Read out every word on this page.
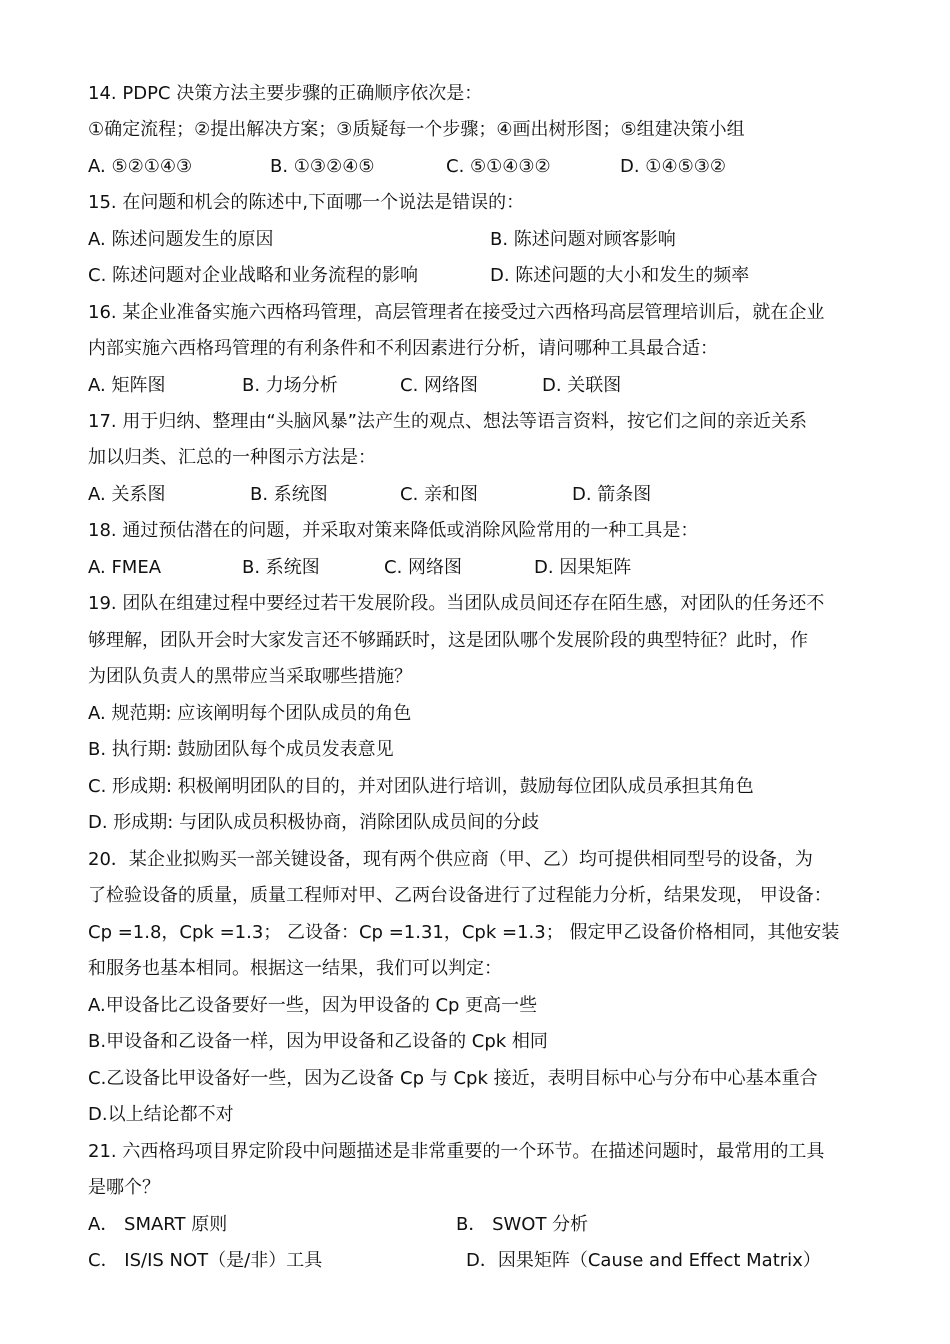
14. PDPC 决策方法主要步骤的正确顺序依次是：
①确定流程；②提出解决方案；③质疑每一个步骤；④画出树形图；⑤组建决策小组
A. ⑤②①④③	B. ①③②④⑤	C. ⑤①④③②	D. ①④⑤③②
15. 在问题和机会的陈述中,下面哪一个说法是错误的：
A. 陈述问题发生的原因	B. 陈述问题对顾客影响
C. 陈述问题对企业战略和业务流程的影响	D. 陈述问题的大小和发生的频率
16. 某企业准备实施六西格玛管理，高层管理者在接受过六西格玛高层管理培训后，就在企业
内部实施六西格玛管理的有利条件和不利因素进行分析，请问哪种工具最合适：
A. 矩阵图	B. 力场分析	C. 网络图	D. 关联图
17. 用于归纳、整理由“头脑风暴”法产生的观点、想法等语言资料，按它们之间的亲近关系
加以归类、汇总的一种图示方法是：
A. 关系图	B. 系统图	C. 亲和图	D. 箭条图
18. 通过预估潜在的问题，并采取对策来降低或消除风险常用的一种工具是：
A. FMEA	B. 系统图	C. 网络图	D. 因果矩阵
19. 团队在组建过程中要经过若干发展阶段。当团队成员间还存在陌生感，对团队的任务还不
够理解，团队开会时大家发言还不够踊跃时，这是团队哪个发展阶段的典型特征？此时，作
为团队负责人的黑带应当采取哪些措施？
A. 规范期: 应该阐明每个团队成员的角色
B. 执行期: 鼓励团队每个成员发表意见
C. 形成期: 积极阐明团队的目的，并对团队进行培训，鼓励每位团队成员承担其角色
D. 形成期: 与团队成员积极协商，消除团队成员间的分歧
20．某企业拟购买一部关键设备，现有两个供应商（甲、乙）均可提供相同型号的设备，为
了检验设备的质量，质量工程师对甲、乙两台设备进行了过程能力分析，结果发现， 甲设备：
Cp =1.8，Cpk =1.3； 乙设备：Cp =1.31，Cpk =1.3； 假定甲乙设备价格相同，其他安装
和服务也基本相同。根据这一结果，我们可以判定：
A.甲设备比乙设备要好一些，因为甲设备的 Cp 更高一些
B.甲设备和乙设备一样，因为甲设备和乙设备的 Cpk 相同
C.乙设备比甲设备好一些，因为乙设备 Cp 与 Cpk 接近，表明目标中心与分布中心基本重合
D.以上结论都不对
21. 六西格玛项目界定阶段中问题描述是非常重要的一个环节。在描述问题时，最常用的工具
是哪个？
A． SMART 原则	B． SWOT 分析
C． IS/IS NOT（是/非）工具	D．因果矩阵（Cause and Effect Matrix）
